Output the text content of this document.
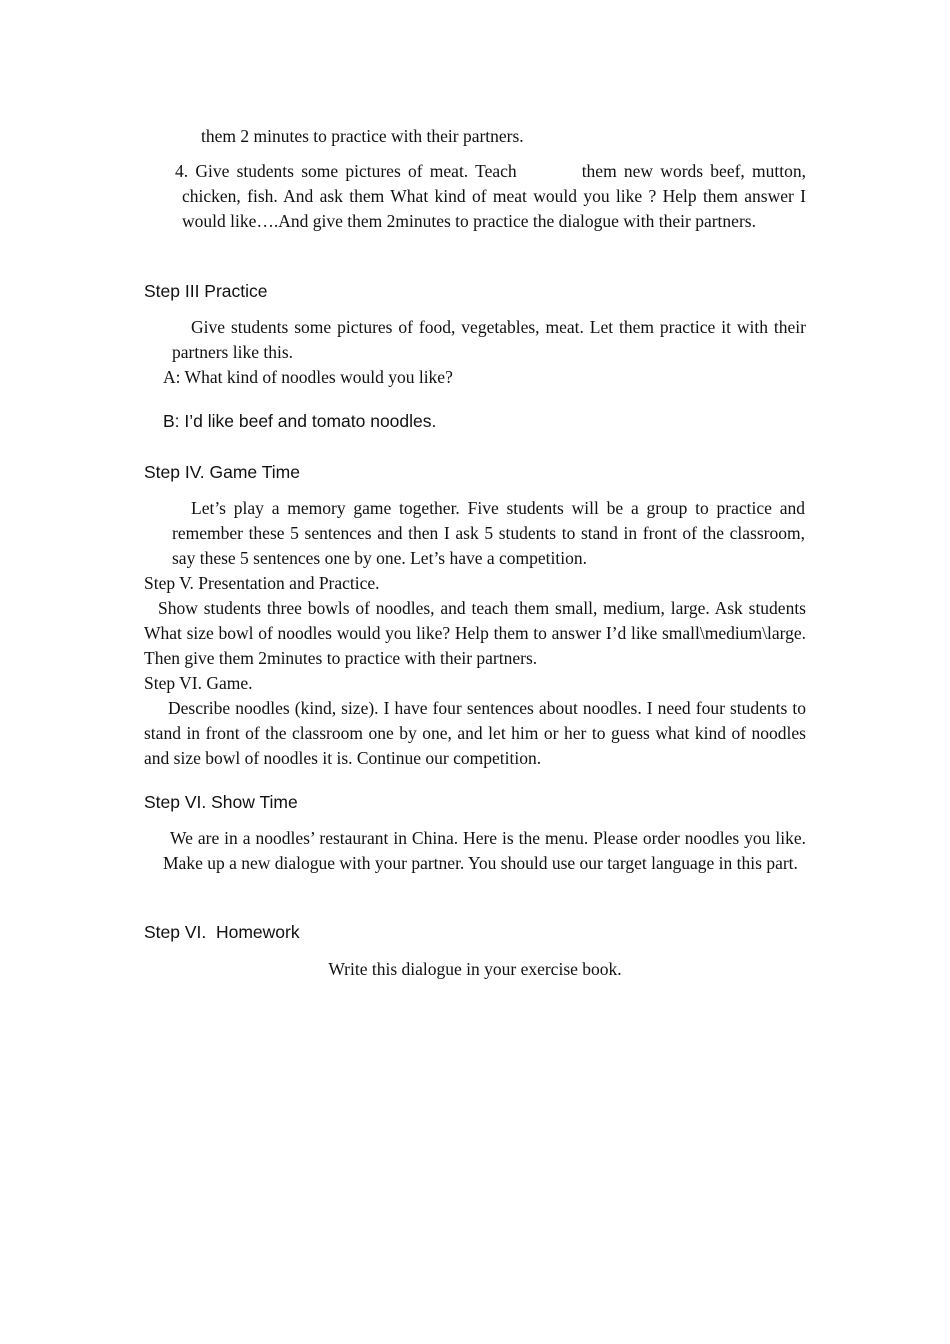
them 2 minutes to practice with their partners.

4. Give students some pictures of meat. Teach         them new words beef, mutton, chicken, fish. And ask them What kind of meat would you like ? Help them answer I would like….And give them 2minutes to practice the dialogue with their partners.

Step III Practice

Give students some pictures of food, vegetables, meat. Let them practice it with their partners like this.

A: What kind of noodles would you like?

B: I’d like beef and tomato noodles.

Step IV. Game Time

Let’s play a memory game together. Five students will be a group to practice and remember these 5 sentences and then I ask 5 students to stand in front of the classroom, say these 5 sentences one by one. Let’s have a competition.

Step V. Presentation and Practice.

Show students three bowls of noodles, and teach them small, medium, large. Ask students What size bowl of noodles would you like? Help them to answer I’d like small\medium\large. Then give them 2minutes to practice with their partners.

Step VI. Game.

Describe noodles (kind, size). I have four sentences about noodles. I need four students to stand in front of the classroom one by one, and let him or her to guess what kind of noodles and size bowl of noodles it is. Continue our competition.

Step VI. Show Time

We are in a noodles’ restaurant in China. Here is the menu. Please order noodles you like. Make up a new dialogue with your partner. You should use our target language in this part.

Step VI.  Homework

Write this dialogue in your exercise book.
